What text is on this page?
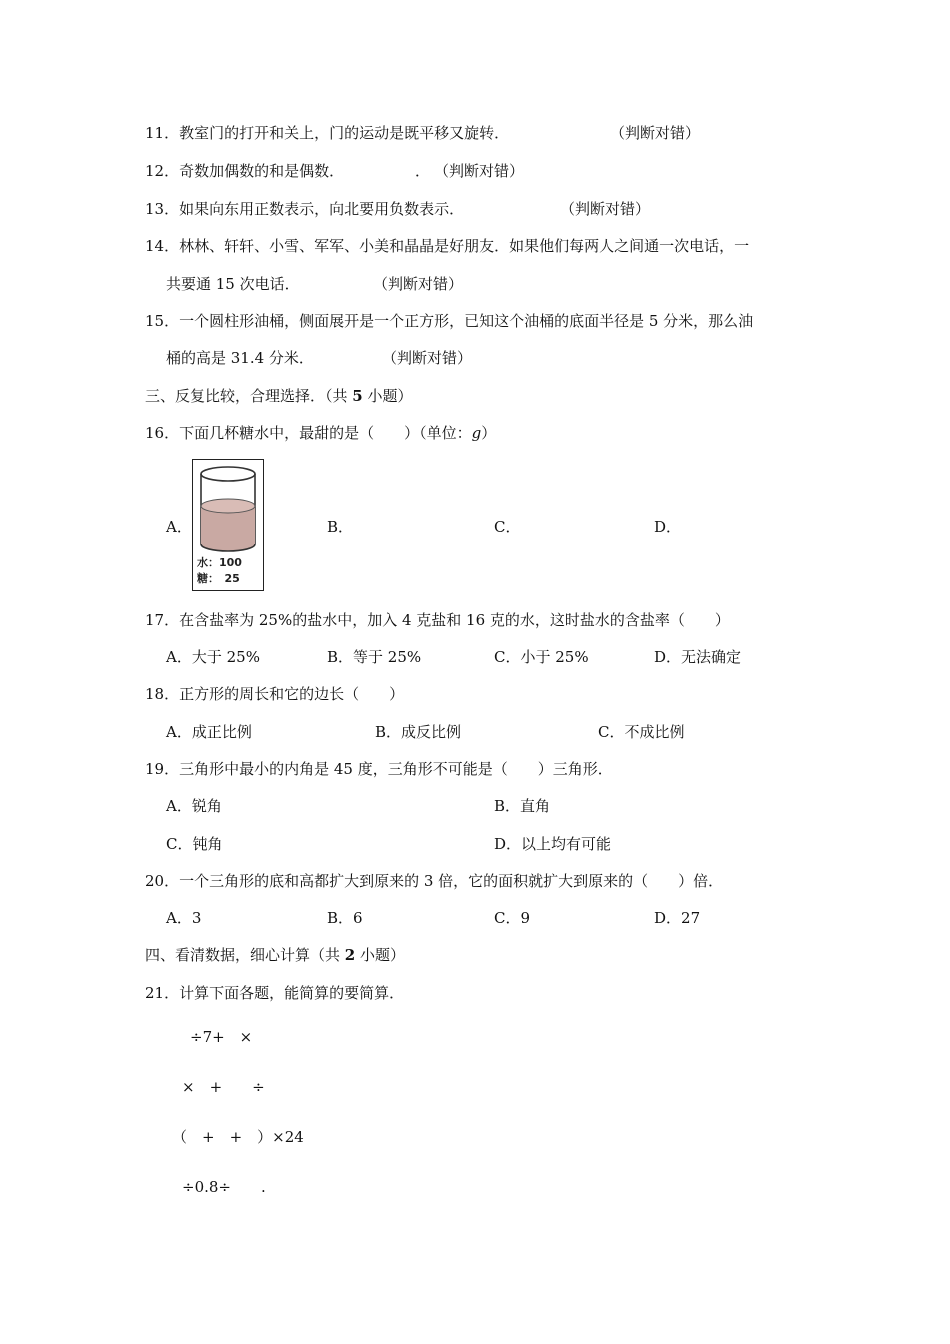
11．教室门的打开和关上，门的运动是既平移又旋转．	（判断对错）
12．奇数加偶数的和是偶数．	． （判断对错）
13．如果向东用正数表示，向北要用负数表示．	（判断对错）
14．林林、轩轩、小雪、军军、小美和晶晶是好朋友．如果他们每两人之间通一次电话，一
共要通 15 次电话．	（判断对错）
15．一个圆柱形油桶，侧面展开是一个正方形，已知这个油桶的底面半径是 5 分米，那么油
桶的高是 31.4 分米．	（判断对错）
三、反复比较，合理选择．（共 5 小题）
16．下面几杯糖水中，最甜的是（　　）（单位：g）
A．
水：100
糖：　25
B．	C．	D．
17．在含盐率为 25%的盐水中，加入 4 克盐和 16 克的水，这时盐水的含盐率（　　）
A．大于 25%	B．等于 25%	C．小于 25%	D．无法确定
18．正方形的周长和它的边长（　　）
A．成正比例	B．成反比例	C．不成比例
19．三角形中最小的内角是 45 度，三角形不可能是（　　）三角形．
A．锐角	B．直角
C．钝角	D．以上均有可能
20．一个三角形的底和高都扩大到原来的 3 倍，它的面积就扩大到原来的（　　）倍．
A．3	B．6	C．9	D．27
四、看清数据，细心计算（共 2 小题）
21．计算下面各题，能简算的要简算．
÷7+　×
×　+　　÷
（　+　+　）×24
÷0.8÷　　.
